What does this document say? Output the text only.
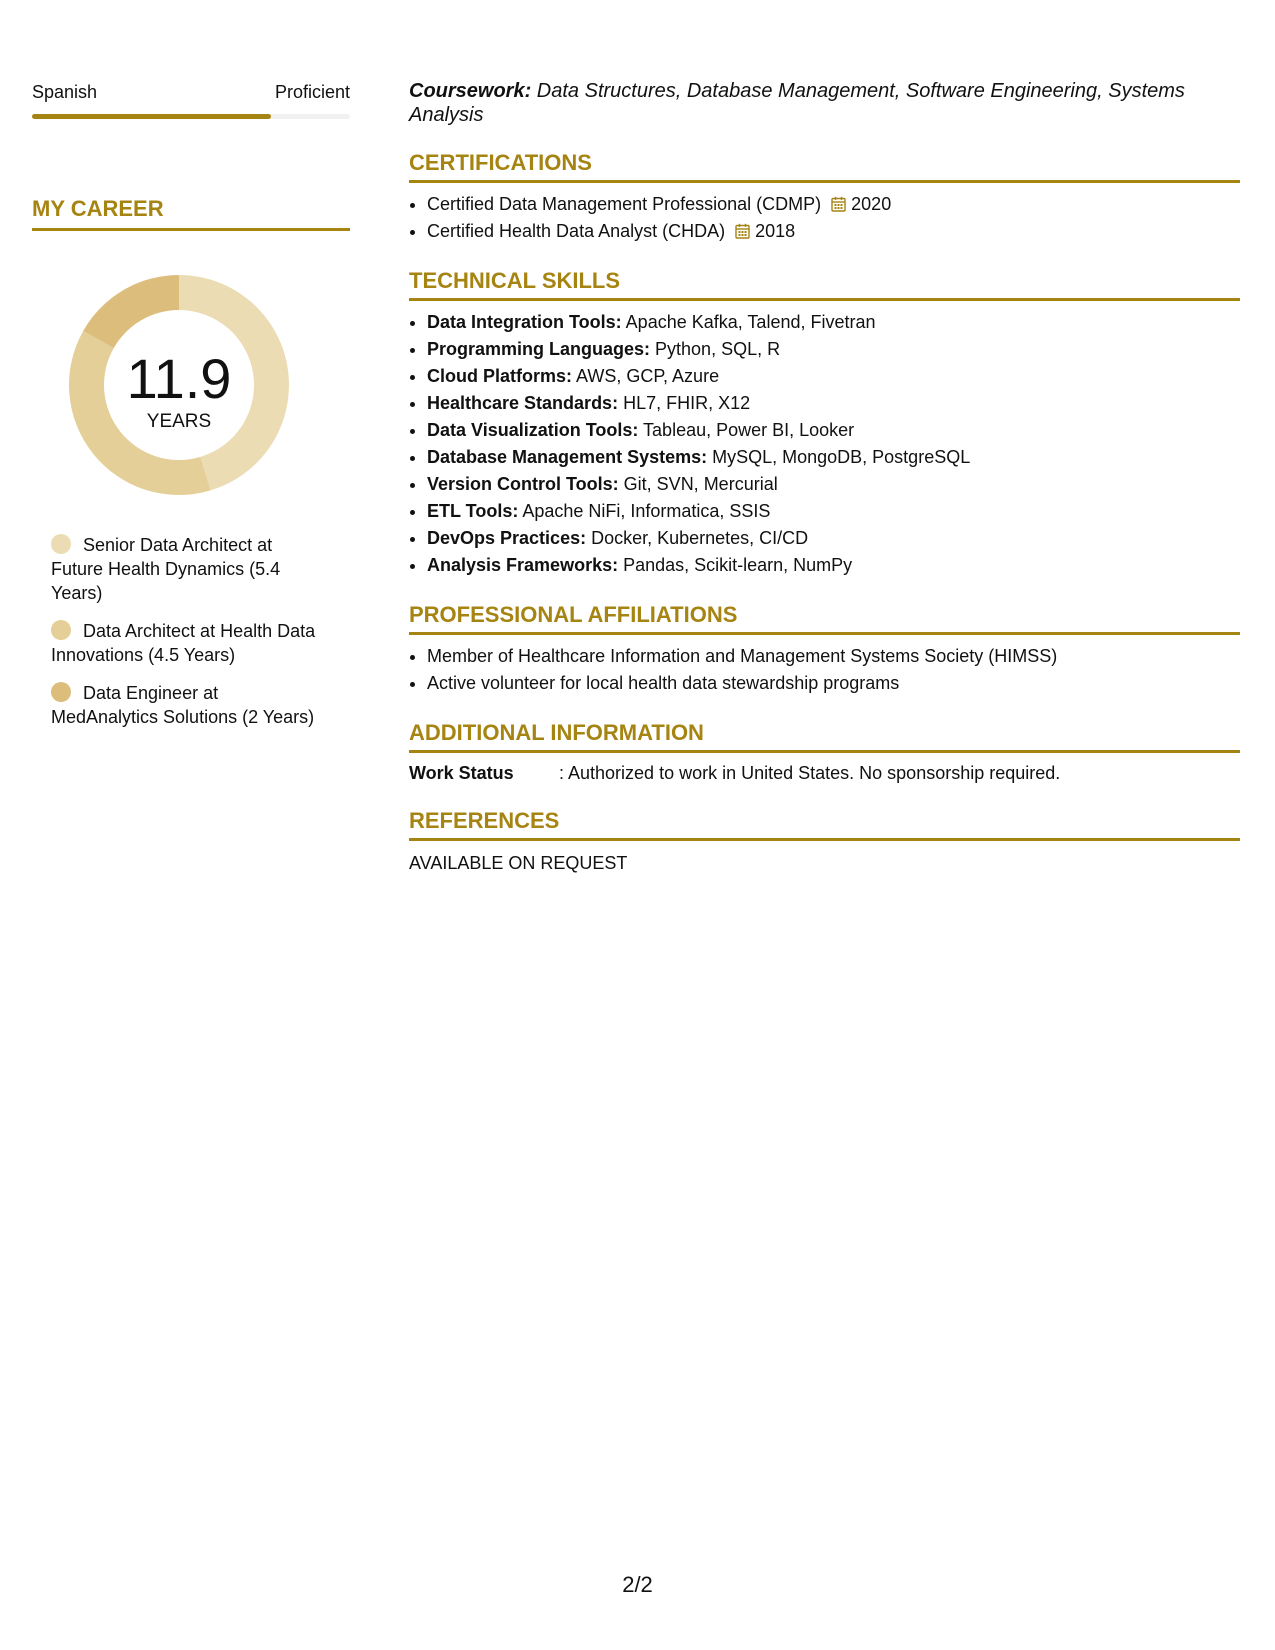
Spanish	Proficient
MY CAREER
11.9
YEARS
Senior Data Architect at Future Health Dynamics (5.4 Years)
Data Architect at Health Data Innovations (4.5 Years)
Data Engineer at MedAnalytics Solutions (2 Years)
Coursework: Data Structures, Database Management, Software Engineering, Systems Analysis
CERTIFICATIONS
• Certified Data Management Professional (CDMP) 2020
• Certified Health Data Analyst (CHDA) 2018
TECHNICAL SKILLS
• Data Integration Tools: Apache Kafka, Talend, Fivetran
• Programming Languages: Python, SQL, R
• Cloud Platforms: AWS, GCP, Azure
• Healthcare Standards: HL7, FHIR, X12
• Data Visualization Tools: Tableau, Power BI, Looker
• Database Management Systems: MySQL, MongoDB, PostgreSQL
• Version Control Tools: Git, SVN, Mercurial
• ETL Tools: Apache NiFi, Informatica, SSIS
• DevOps Practices: Docker, Kubernetes, CI/CD
• Analysis Frameworks: Pandas, Scikit-learn, NumPy
PROFESSIONAL AFFILIATIONS
• Member of Healthcare Information and Management Systems Society (HIMSS)
• Active volunteer for local health data stewardship programs
ADDITIONAL INFORMATION
Work Status	: Authorized to work in United States. No sponsorship required.
REFERENCES
AVAILABLE ON REQUEST
2/2
